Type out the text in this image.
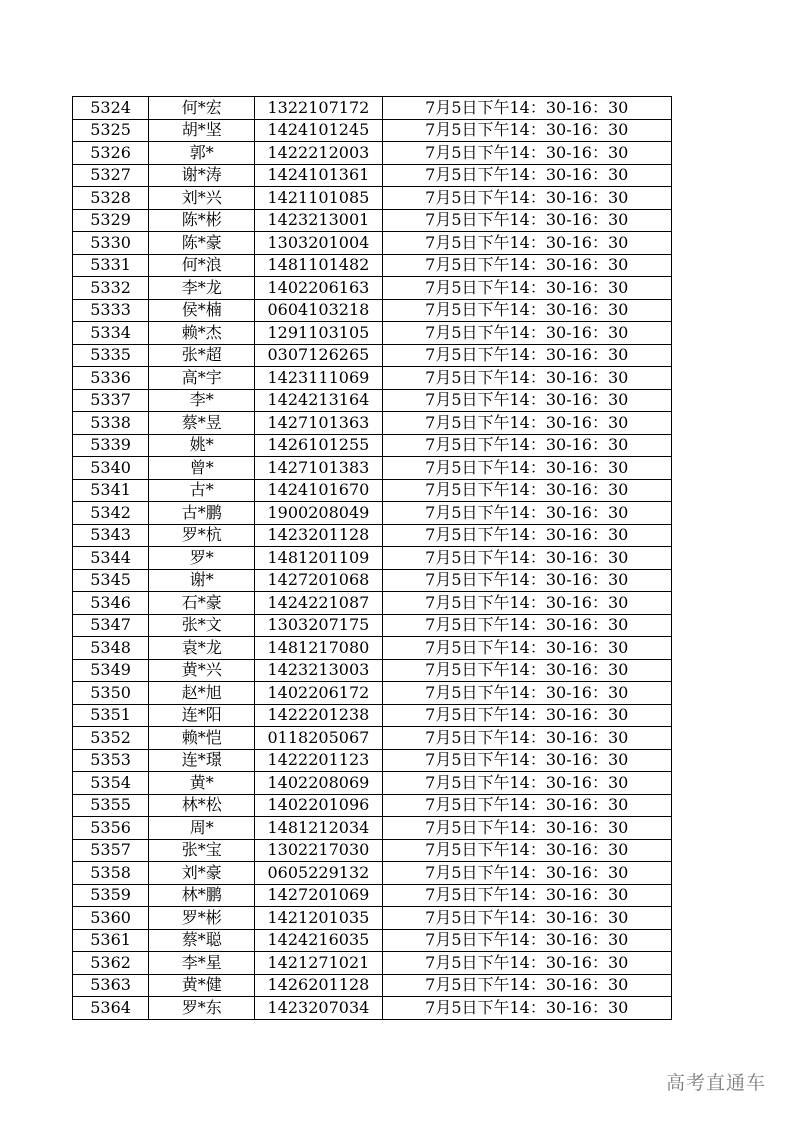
5324	何*宏	1322107172	7月5日下午14：30-16：30
5325	胡*坚	1424101245	7月5日下午14：30-16：30
5326	郭*	1422212003	7月5日下午14：30-16：30
5327	谢*涛	1424101361	7月5日下午14：30-16：30
5328	刘*兴	1421101085	7月5日下午14：30-16：30
5329	陈*彬	1423213001	7月5日下午14：30-16：30
5330	陈*豪	1303201004	7月5日下午14：30-16：30
5331	何*浪	1481101482	7月5日下午14：30-16：30
5332	李*龙	1402206163	7月5日下午14：30-16：30
5333	侯*楠	0604103218	7月5日下午14：30-16：30
5334	赖*杰	1291103105	7月5日下午14：30-16：30
5335	张*超	0307126265	7月5日下午14：30-16：30
5336	高*宇	1423111069	7月5日下午14：30-16：30
5337	李*	1424213164	7月5日下午14：30-16：30
5338	蔡*昱	1427101363	7月5日下午14：30-16：30
5339	姚*	1426101255	7月5日下午14：30-16：30
5340	曾*	1427101383	7月5日下午14：30-16：30
5341	古*	1424101670	7月5日下午14：30-16：30
5342	古*鹏	1900208049	7月5日下午14：30-16：30
5343	罗*杭	1423201128	7月5日下午14：30-16：30
5344	罗*	1481201109	7月5日下午14：30-16：30
5345	谢*	1427201068	7月5日下午14：30-16：30
5346	石*豪	1424221087	7月5日下午14：30-16：30
5347	张*文	1303207175	7月5日下午14：30-16：30
5348	袁*龙	1481217080	7月5日下午14：30-16：30
5349	黄*兴	1423213003	7月5日下午14：30-16：30
5350	赵*旭	1402206172	7月5日下午14：30-16：30
5351	连*阳	1422201238	7月5日下午14：30-16：30
5352	赖*恺	0118205067	7月5日下午14：30-16：30
5353	连*璟	1422201123	7月5日下午14：30-16：30
5354	黄*	1402208069	7月5日下午14：30-16：30
5355	林*松	1402201096	7月5日下午14：30-16：30
5356	周*	1481212034	7月5日下午14：30-16：30
5357	张*宝	1302217030	7月5日下午14：30-16：30
5358	刘*豪	0605229132	7月5日下午14：30-16：30
5359	林*鹏	1427201069	7月5日下午14：30-16：30
5360	罗*彬	1421201035	7月5日下午14：30-16：30
5361	蔡*聪	1424216035	7月5日下午14：30-16：30
5362	李*星	1421271021	7月5日下午14：30-16：30
5363	黄*健	1426201128	7月5日下午14：30-16：30
5364	罗*东	1423207034	7月5日下午14：30-16：30
高考直通车
